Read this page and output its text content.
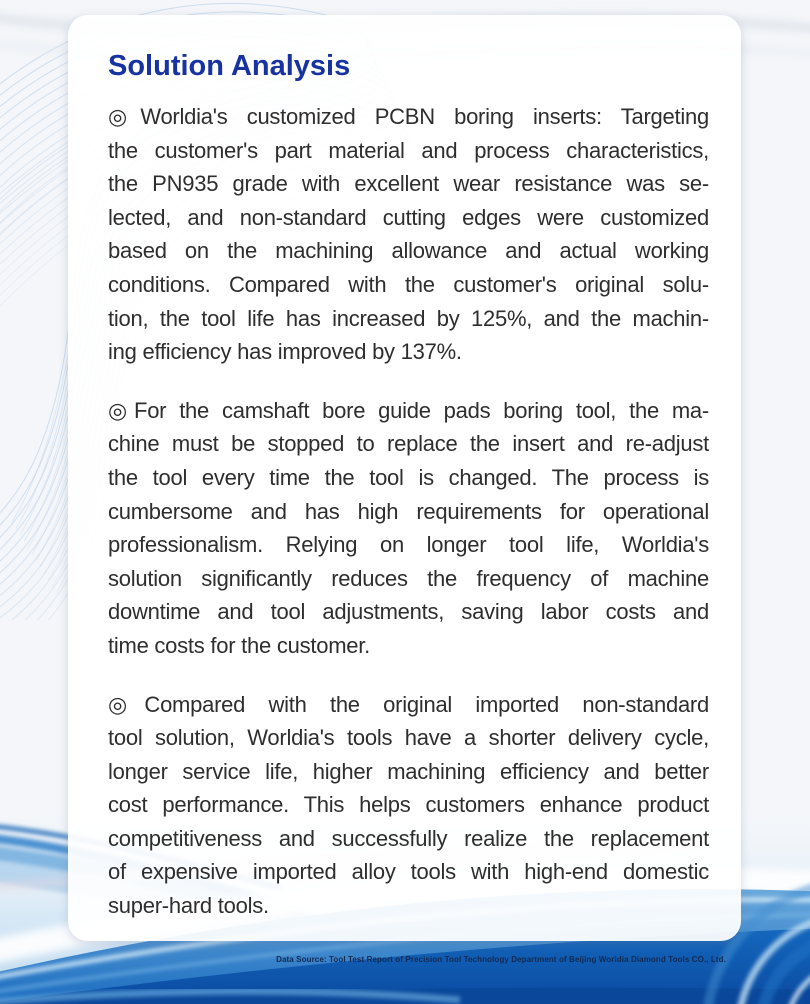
Solution Analysis
◎Worldia's customized PCBN boring inserts: Targeting
the customer's part material and process characteristics,
the PN935 grade with excellent wear resistance was se-
lected, and non-standard cutting edges were customized
based on the machining allowance and actual working
conditions. Compared with the customer's original solu-
tion, the tool life has increased by 125%, and the machin-
ing efficiency has improved by 137%.
◎For the camshaft bore guide pads boring tool, the ma-
chine must be stopped to replace the insert and re-adjust
the tool every time the tool is changed. The process is
cumbersome and has high requirements for operational
professionalism. Relying on longer tool life, Worldia's
solution significantly reduces the frequency of machine
downtime and tool adjustments, saving labor costs and
time costs for the customer.
◎Compared with the original imported non-standard
tool solution, Worldia's tools have a shorter delivery cycle,
longer service life, higher machining efficiency and better
cost performance. This helps customers enhance product
competitiveness and successfully realize the replacement
of expensive imported alloy tools with high-end domestic
super-hard tools.
Data Source: Tool Test Report of Precision Tool Technology Department of Beijing Worldia Diamond Tools CO., Ltd.
